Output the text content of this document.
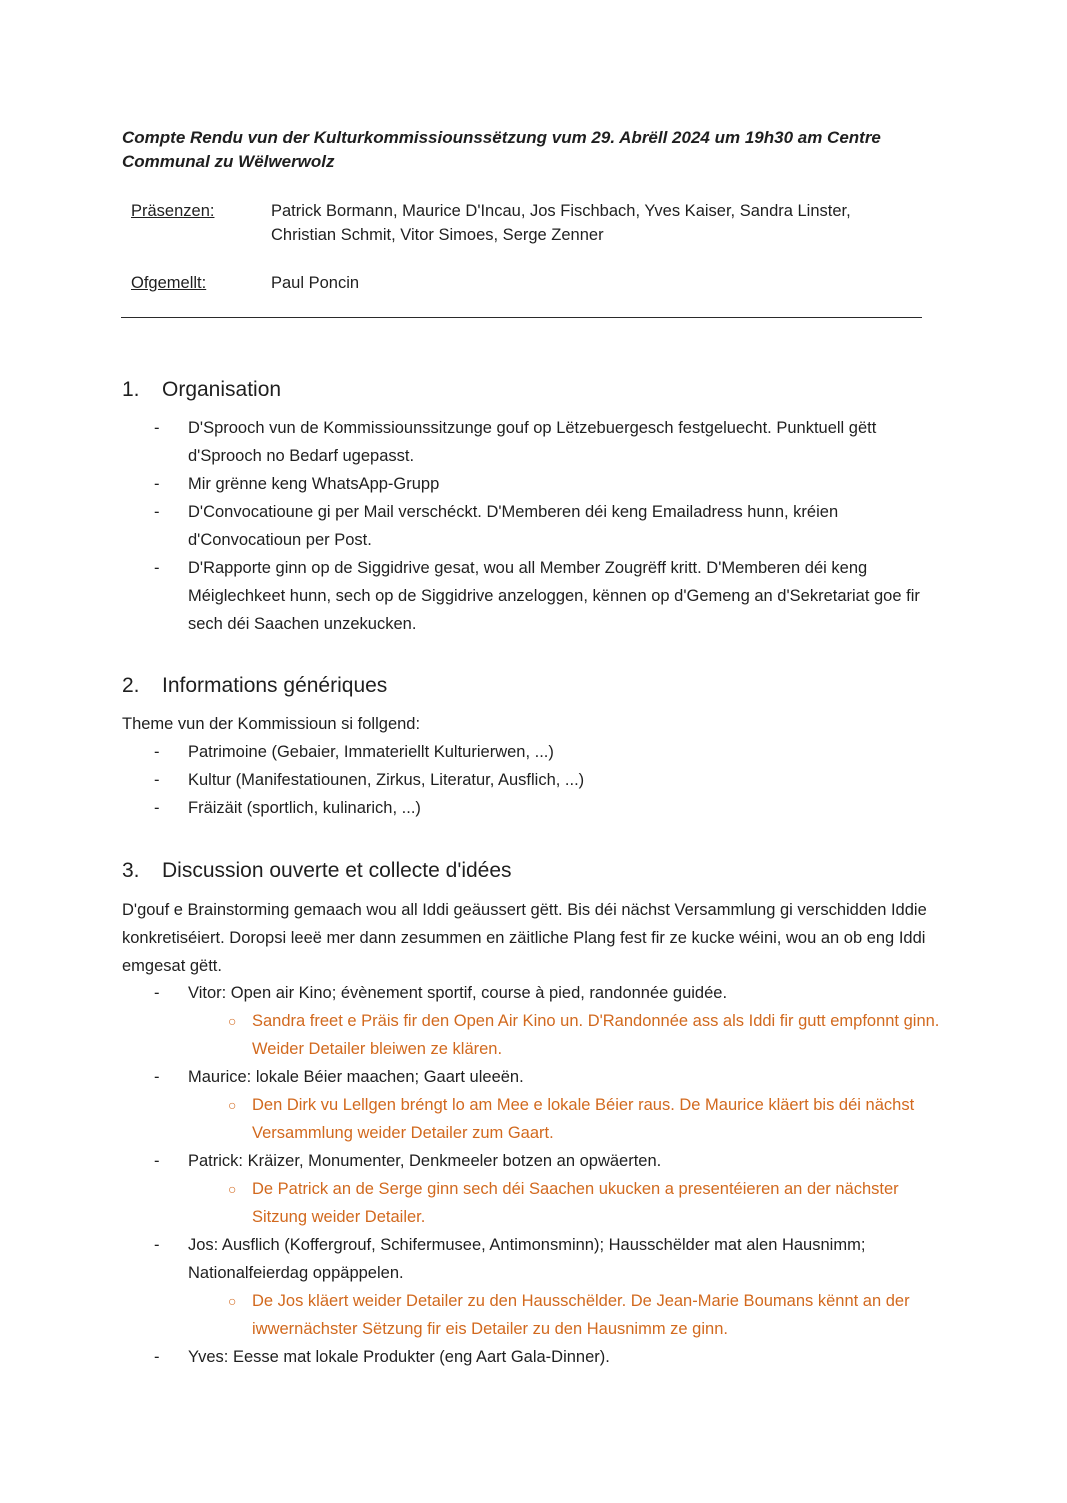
Compte Rendu vun der Kulturkommissiounssëtzung vum 29. Abrëll 2024 um 19h30 am Centre Communal zu Wëlwerwolz
Präsenzen:	Patrick Bormann, Maurice D'Incau, Jos Fischbach, Yves Kaiser, Sandra Linster, Christian Schmit, Vitor Simoes, Serge Zenner
Ofgemellt:	Paul Poncin
1. Organisation
- D'Sprooch vun de Kommissiounssitzunge gouf op Lëtzebuergesch festgeluecht. Punktuell gëtt d'Sprooch no Bedarf ugepasst.
- Mir grënne keng WhatsApp-Grupp
- D'Convocatioune gi per Mail verschéckt. D'Memberen déi keng Emailadress hunn, kréien d'Convocatioun per Post.
- D'Rapporte ginn op de Siggidrive gesat, wou all Member Zougrëff kritt. D'Memberen déi keng Méiglechkeet hunn, sech op de Siggidrive anzeloggen, kënnen op d'Gemeng an d'Sekretariat goe fir sech déi Saachen unzekucken.
2. Informations génériques
Theme vun der Kommissioun si follgend:
- Patrimoine (Gebaier, Immateriellt Kulturierwen, ...)
- Kultur (Manifestatiounen, Zirkus, Literatur, Ausflich, ...)
- Fräizäit (sportlich, kulinarich, ...)
3. Discussion ouverte et collecte d'idées
D'gouf e Brainstorming gemaach wou all Iddi geäussert gëtt. Bis déi nächst Versammlung gi verschidden Iddie konkretiséiert. Doropsi leeë mer dann zesummen en zäitliche Plang fest fir ze kucke wéini, wou an ob eng Iddi emgesat gëtt.
- Vitor: Open air Kino; évènement sportif, course à pied, randonnée guidée.
○ Sandra freet e Präis fir den Open Air Kino un. D'Randonnée ass als Iddi fir gutt empfonnt ginn. Weider Detailer bleiwen ze klären.
- Maurice: lokale Béier maachen; Gaart uleeën.
○ Den Dirk vu Lellgen bréngt lo am Mee e lokale Béier raus. De Maurice kläert bis déi nächst Versammlung weider Detailer zum Gaart.
- Patrick: Kräizer, Monumenter, Denkmeeler botzen an opwäerten.
○ De Patrick an de Serge ginn sech déi Saachen ukucken a presentéieren an der nächster Sitzung weider Detailer.
- Jos: Ausflich (Koffergrouf, Schifermusee, Antimonsminn); Hausschëlder mat alen Hausnimm; Nationalfeierdag oppäppelen.
○ De Jos kläert weider Detailer zu den Hausschëlder. De Jean-Marie Boumans kënnt an der iwwernächster Sëtzung fir eis Detailer zu den Hausnimm ze ginn.
- Yves: Eesse mat lokale Produkter (eng Aart Gala-Dinner).
